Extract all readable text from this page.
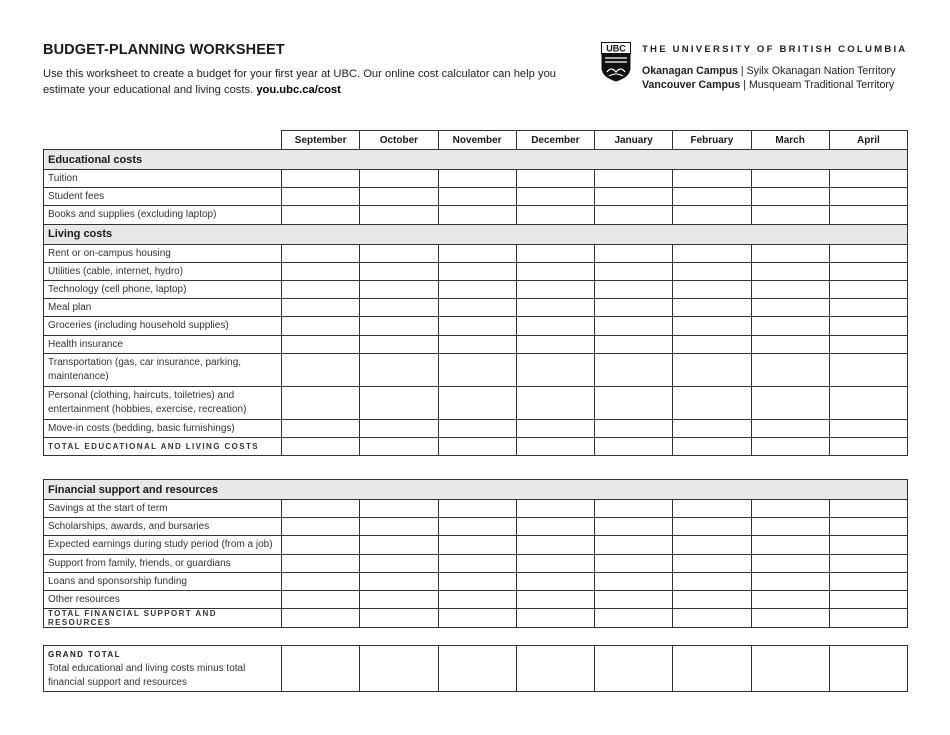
BUDGET-PLANNING WORKSHEET
Use this worksheet to create a budget for your first year at UBC. Our online cost calculator can help you estimate your educational and living costs. you.ubc.ca/cost
UBC THE UNIVERSITY OF BRITISH COLUMBIA
Okanagan Campus | Syilx Okanagan Nation Territory
Vancouver Campus | Musqueam Traditional Territory
	September	October	November	December	January	February	March	April
Educational costs								
Tuition								
Student fees								
Books and supplies (excluding laptop)								
Living costs								
Rent or on-campus housing								
Utilities (cable, internet, hydro)								
Technology (cell phone, laptop)								
Meal plan								
Groceries (including household supplies)								
Health insurance								
Transportation (gas, car insurance, parking, maintenance)								
Personal (clothing, haircuts, toiletries) and entertainment (hobbies, exercise, recreation)								
Move-in costs (bedding, basic furnishings)								
TOTAL EDUCATIONAL AND LIVING COSTS								
Financial support and resources								
Savings at the start of term								
Scholarships, awards, and bursaries								
Expected earnings during study period (from a job)								
Support from family, friends, or guardians								
Loans and sponsorship funding								
Other resources								
TOTAL FINANCIAL SUPPORT AND RESOURCES								
GRAND TOTAL
Total educational and living costs minus total financial support and resources								
